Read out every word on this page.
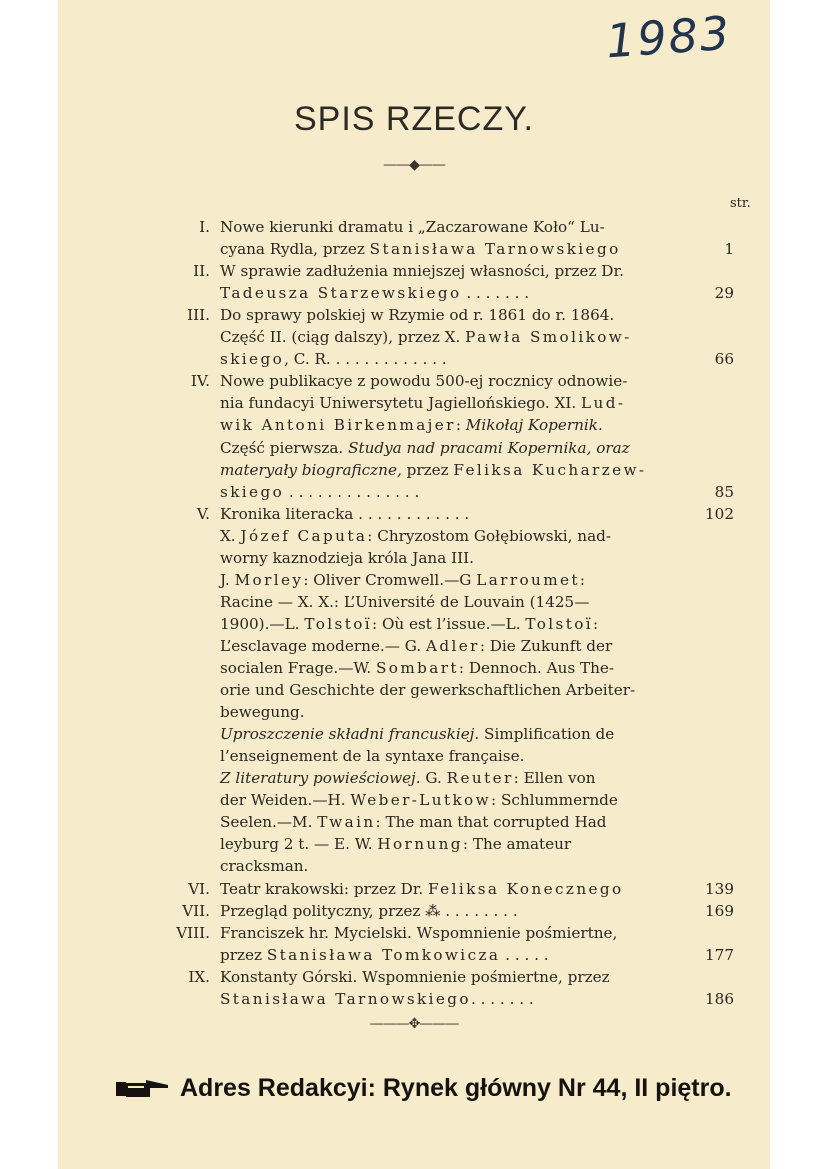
1983
SPIS RZECZY.
——◆——
str.
I. Nowe kierunki dramatu i „Zaczarowane Koło“ Lu-
cyana Rydla, przez Stanisława Tarnowskiego	1
II. W sprawie zadłużenia mniejszej własności, przez Dr.
Tadeusza Starzewskiego . . . . . . .	29
III. Do sprawy polskiej w Rzymie od r. 1861 do r. 1864.
Część II. (ciąg dalszy), przez X. Pawła Smolikow-
skiego, C. R. . . . . . . . . . . . .	66
IV. Nowe publikacye z powodu 500-ej rocznicy odnowie-
nia fundacyi Uniwersytetu Jagiellońskiego. XI. Lud-
wik Antoni Birkenmajer: Mikołaj Kopernik.
Część pierwsza. Studya nad pracami Kopernika, oraz
materyały biograficzne, przez Feliksa Kucharzew-
skiego . . . . . . . . . . . . . .	85
V. Kronika literacka . . . . . . . . . . . .	102
X. Józef Caputa: Chryzostom Gołębiowski, nad-
worny kaznodzieja króla Jana III.
J. Morley: Oliver Cromwell.—G Larroumet:
Racine — X. X.: L’Université de Louvain (1425—
1900).—L. Tolstoï: Où est l’issue.—L. Tolstoï:
L’esclavage moderne.— G. Adler: Die Zukunft der
socialen Frage.—W. Sombart: Dennoch. Aus The-
orie und Geschichte der gewerkschaftlichen Arbeiter-
bewegung.
Uproszczenie składni francuskiej. Simplification de
l’enseignement de la syntaxe française.
Z literatury powieściowej. G. Reuter: Ellen von
der Weiden.—H. Weber-Lutkow: Schlummernde
Seelen.—M. Twain: The man that corrupted Had
leyburg 2 t. — E. W. Hornung: The amateur
cracksman.
VI. Teatr krakowski: przez Dr. Feliksa Konecznego	139
VII. Przegląd polityczny, przez ⁂ . . . . . . . .	169
VIII. Franciszek hr. Mycielski. Wspomnienie pośmiertne,
przez Stanisława Tomkowicza . . . . .	177
IX. Konstanty Górski. Wspomnienie pośmiertne, przez
Stanisława Tarnowskiego. . . . . . .	186
———✥———
Adres Redakcyi: Rynek główny Nr 44, II piętro.
